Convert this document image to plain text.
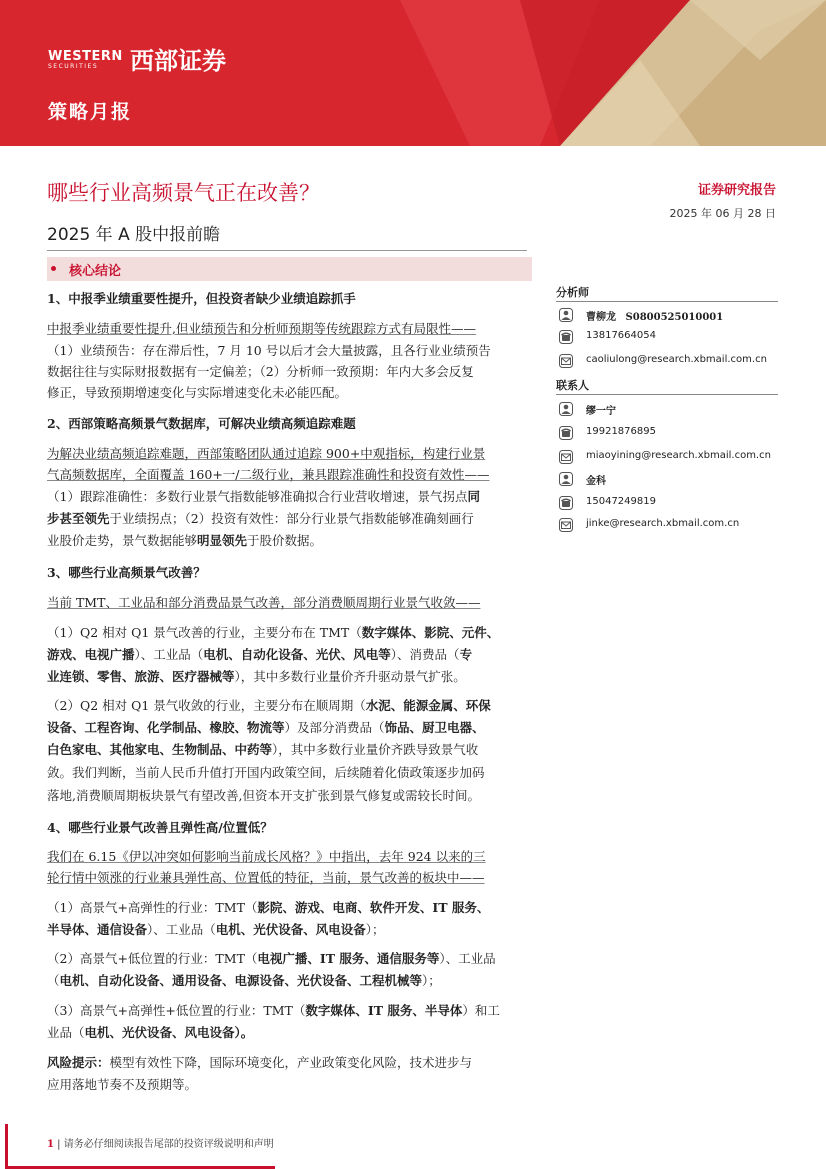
WESTERN
SECURITIES	西部证券
策略月报
哪些行业高频景气正在改善？
2025 年 A 股中报前瞻
证券研究报告
2025 年 06 月 28 日
核心结论
1、中报季业绩重要性提升，但投资者缺少业绩追踪抓手
中报季业绩重要性提升,但业绩预告和分析师预期等传统跟踪方式有局限性——
（1）业绩预告：存在滞后性，7 月 10 号以后才会大量披露，且各行业业绩预告
数据往往与实际财报数据有一定偏差；（2）分析师一致预期：年内大多会反复
修正，导致预期增速变化与实际增速变化未必能匹配。
2、西部策略高频景气数据库，可解决业绩高频追踪难题
为解决业绩高频追踪难题，西部策略团队通过追踪 900+中观指标，构建行业景
气高频数据库，全面覆盖 160+一/二级行业，兼具跟踪准确性和投资有效性——
（1）跟踪准确性：多数行业景气指数能够准确拟合行业营收增速，景气拐点同
步甚至领先于业绩拐点；（2）投资有效性：部分行业景气指数能够准确刻画行
业股价走势，景气数据能够明显领先于股价数据。
3、哪些行业高频景气改善？
当前 TMT、工业品和部分消费品景气改善，部分消费顺周期行业景气收敛——
（1）Q2 相对 Q1 景气改善的行业，主要分布在 TMT（数字媒体、影院、元件、
游戏、电视广播）、工业品（电机、自动化设备、光伏、风电等）、消费品（专
业连锁、零售、旅游、医疗器械等），其中多数行业量价齐升驱动景气扩张。
（2）Q2 相对 Q1 景气收敛的行业，主要分布在顺周期（水泥、能源金属、环保
设备、工程咨询、化学制品、橡胶、物流等）及部分消费品（饰品、厨卫电器、
白色家电、其他家电、生物制品、中药等），其中多数行业量价齐跌导致景气收
敛。我们判断，当前人民币升值打开国内政策空间，后续随着化债政策逐步加码
落地,消费顺周期板块景气有望改善,但资本开支扩张到景气修复或需较长时间。
4、哪些行业景气改善且弹性高/位置低？
我们在 6.15《伊以冲突如何影响当前成长风格？》中指出，去年 924 以来的三
轮行情中领涨的行业兼具弹性高、位置低的特征，当前，景气改善的板块中——
（1）高景气+高弹性的行业：TMT（影院、游戏、电商、软件开发、IT 服务、
半导体、通信设备）、工业品（电机、光伏设备、风电设备）；
（2）高景气+低位置的行业：TMT（电视广播、IT 服务、通信服务等）、工业品
（电机、自动化设备、通用设备、电源设备、光伏设备、工程机械等）；
（3）高景气+高弹性+低位置的行业：TMT（数字媒体、IT 服务、半导体）和工
业品（电机、光伏设备、风电设备）。
风险提示：模型有效性下降，国际环境变化，产业政策变化风险，技术进步与
应用落地节奏不及预期等。
分析师
曹柳龙 S0800525010001
13817664054
caoliulong@research.xbmail.com.cn
联系人
缪一宁
19921876895
miaoyining@research.xbmail.com.cn
金科
15047249819
jinke@research.xbmail.com.cn
1 | 请务必仔细阅读报告尾部的投资评级说明和声明
